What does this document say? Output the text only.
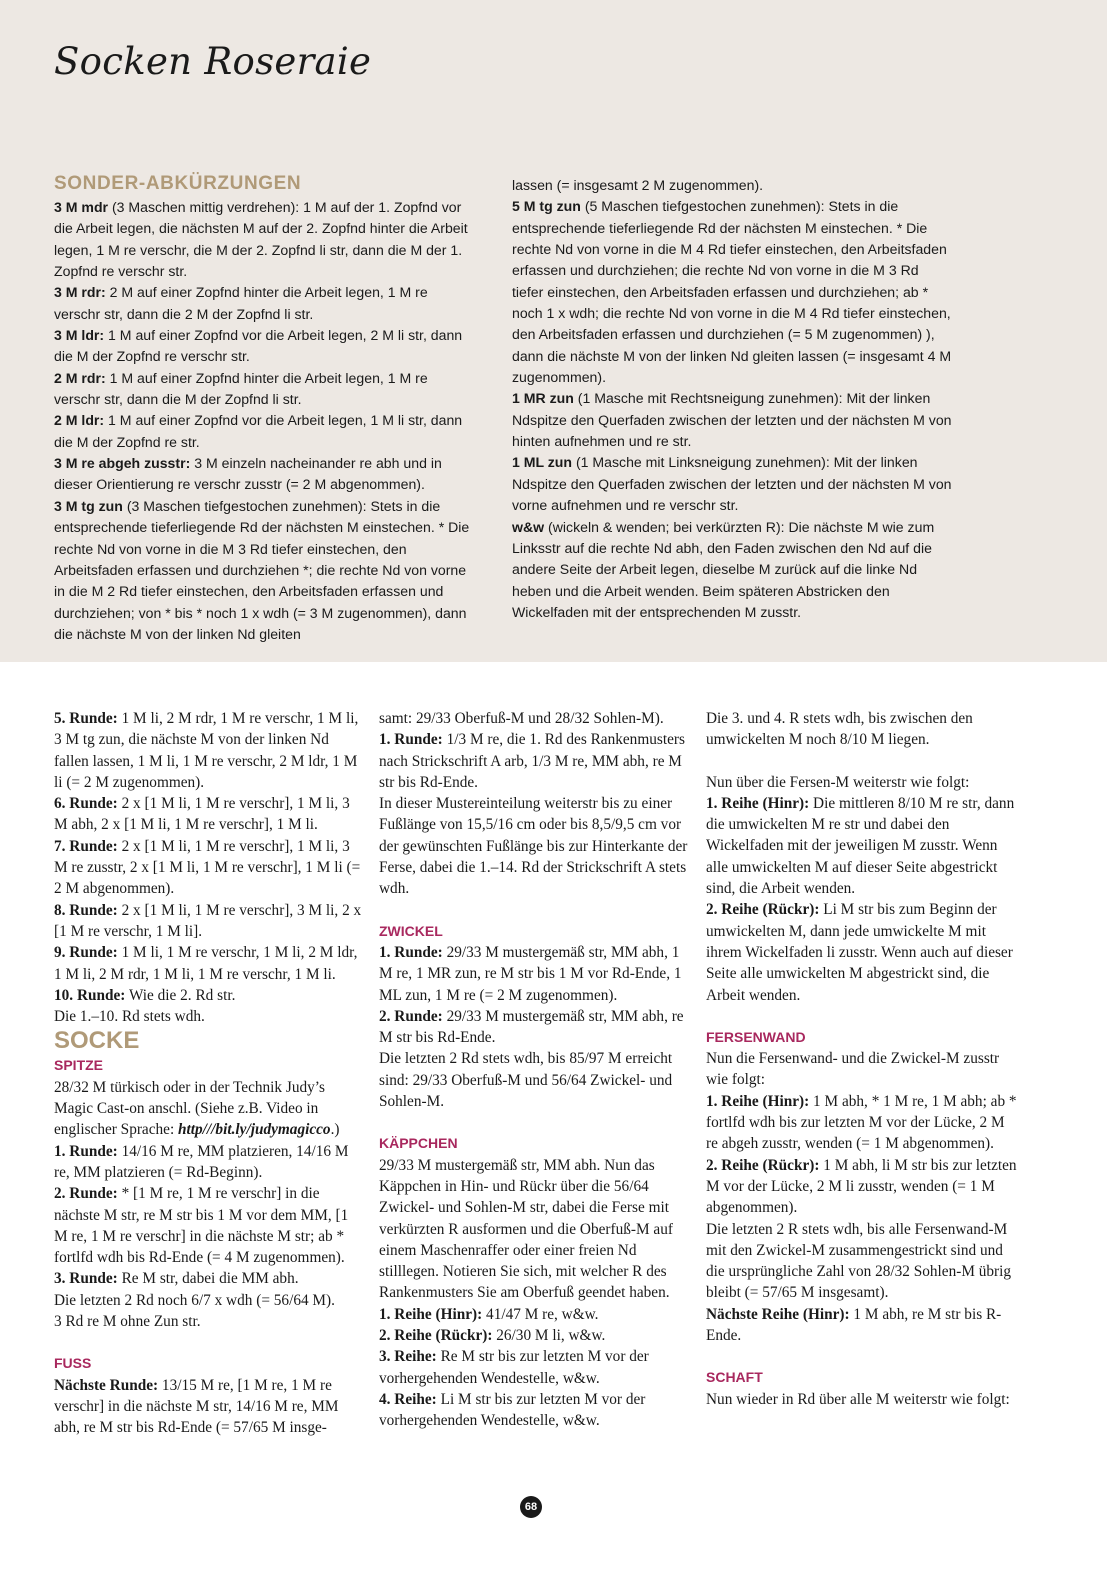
Socken Roseraie
SONDER-ABKÜRZUNGEN

3 M mdr (3 Maschen mittig verdrehen): 1 M auf der 1. Zopfnd vor die Arbeit legen, die nächsten M auf der 2. Zopfnd hinter die Arbeit legen, 1 M re verschr, die M der 2. Zopfnd li str, dann die M der 1. Zopfnd re verschr str.

3 M rdr: 2 M auf einer Zopfnd hinter die Arbeit legen, 1 M re verschr str, dann die 2 M der Zopfnd li str.

3 M ldr: 1 M auf einer Zopfnd vor die Arbeit legen, 2 M li str, dann die M der Zopfnd re verschr str.

2 M rdr: 1 M auf einer Zopfnd hinter die Arbeit legen, 1 M re verschr str, dann die M der Zopfnd li str.

2 M ldr: 1 M auf einer Zopfnd vor die Arbeit legen, 1 M li str, dann die M der Zopfnd re str.

3 M re abgeh zusstr: 3 M einzeln nacheinander re abh und in dieser Orientierung re verschr zusstr (= 2 M abgenommen).

3 M tg zun (3 Maschen tiefgestochen zunehmen): Stets in die entsprechende tieferliegende Rd der nächsten M einstechen. * Die rechte Nd von vorne in die M 3 Rd tiefer einstechen, den Arbeitsfaden erfassen und durchziehen *; die rechte Nd von vorne in die M 2 Rd tiefer einstechen, den Arbeitsfaden erfassen und durchziehen; von * bis * noch 1 x wdh (= 3 M zugenommen), dann die nächste M von der linken Nd gleiten

lassen (= insgesamt 2 M zugenommen).

5 M tg zun (5 Maschen tiefgestochen zunehmen): Stets in die entsprechende tieferliegende Rd der nächsten M einstechen. * Die rechte Nd von vorne in die M 4 Rd tiefer einstechen, den Arbeitsfaden erfassen und durchziehen; die rechte Nd von vorne in die M 3 Rd tiefer einstechen, den Arbeitsfaden erfassen und durchziehen; ab * noch 1 x wdh; die rechte Nd von vorne in die M 4 Rd tiefer einstechen, den Arbeitsfaden erfassen und durchziehen (= 5 M zugenommen) ), dann die nächste M von der linken Nd gleiten lassen (= insgesamt 4 M zugenommen).

1 MR zun (1 Masche mit Rechtsneigung zunehmen): Mit der linken Ndspitze den Querfaden zwischen der letzten und der nächsten M von hinten aufnehmen und re str.

1 ML zun (1 Masche mit Linksneigung zunehmen): Mit der linken Ndspitze den Querfaden zwischen der letzten und der nächsten M von vorne aufnehmen und re verschr str.

w&w (wickeln & wenden; bei verkürzten R): Die nächste M wie zum Linksstr auf die rechte Nd abh, den Faden zwischen den Nd auf die andere Seite der Arbeit legen, dieselbe M zurück auf die linke Nd heben und die Arbeit wenden. Beim späteren Abstricken den Wickelfaden mit der entsprechenden M zusstr.

5. Runde: 1 M li, 2 M rdr, 1 M re verschr, 1 M li, 3 M tg zun, die nächste M von der linken Nd fallen lassen, 1 M li, 1 M re verschr, 2 M ldr, 1 M li (= 2 M zugenommen).

6. Runde: 2 x [1 M li, 1 M re verschr], 1 M li, 3 M abh, 2 x [1 M li, 1 M re verschr], 1 M li.

7. Runde: 2 x [1 M li, 1 M re verschr], 1 M li, 3 M re zusstr, 2 x [1 M li, 1 M re verschr], 1 M li (= 2 M abgenommen).

8. Runde: 2 x [1 M li, 1 M re verschr], 3 M li, 2 x [1 M re verschr, 1 M li].

9. Runde: 1 M li, 1 M re verschr, 1 M li, 2 M ldr, 1 M li, 2 M rdr, 1 M li, 1 M re verschr, 1 M li.

10. Runde: Wie die 2. Rd str.

Die 1.–10. Rd stets wdh.

SOCKE
SPITZE

28/32 M türkisch oder in der Technik Judy’s Magic Cast-on anschl. (Siehe z.B. Video in englischer Sprache: http///bit.ly/judymagicco.)

1. Runde: 14/16 M re, MM platzieren, 14/16 M re, MM platzieren (= Rd-Beginn).

2. Runde: * [1 M re, 1 M re verschr] in die nächste M str, re M str bis 1 M vor dem MM, [1 M re, 1 M re verschr] in die nächste M str; ab * fortlfd wdh bis Rd-Ende (= 4 M zugenommen).

3. Runde: Re M str, dabei die MM abh.

Die letzten 2 Rd noch 6/7 x wdh (= 56/64 M).

3 Rd re M ohne Zun str.

FUSS

Nächste Runde: 13/15 M re, [1 M re, 1 M re verschr] in die nächste M str, 14/16 M re, MM abh, re M str bis Rd-Ende (= 57/65 M insge-

samt: 29/33 Oberfuß-M und 28/32 Sohlen-M).

1. Runde: 1/3 M re, die 1. Rd des Rankenmusters nach Strickschrift A arb, 1/3 M re, MM abh, re M str bis Rd-Ende.

In dieser Mustereinteilung weiterstr bis zu einer Fußlänge von 15,5/16 cm oder bis 8,5/9,5 cm vor der gewünschten Fußlänge bis zur Hinterkante der Ferse, dabei die 1.–14. Rd der Strickschrift A stets wdh.

ZWICKEL

1. Runde: 29/33 M mustergemäß str, MM abh, 1 M re, 1 MR zun, re M str bis 1 M vor Rd-Ende, 1 ML zun, 1 M re (= 2 M zugenommen).

2. Runde: 29/33 M mustergemäß str, MM abh, re M str bis Rd-Ende.

Die letzten 2 Rd stets wdh, bis 85/97 M erreicht sind: 29/33 Oberfuß-M und 56/64 Zwickel- und Sohlen-M.

KÄPPCHEN

29/33 M mustergemäß str, MM abh. Nun das Käppchen in Hin- und Rückr über die 56/64 Zwickel- und Sohlen-M str, dabei die Ferse mit verkürzten R ausformen und die Oberfuß-M auf einem Maschenraffer oder einer freien Nd stilllegen. Notieren Sie sich, mit welcher R des Rankenmusters Sie am Oberfuß geendet haben.

1. Reihe (Hinr): 41/47 M re, w&w.

2. Reihe (Rückr): 26/30 M li, w&w.

3. Reihe: Re M str bis zur letzten M vor der vorhergehenden Wendestelle, w&w.

4. Reihe: Li M str bis zur letzten M vor der vorhergehenden Wendestelle, w&w.

Die 3. und 4. R stets wdh, bis zwischen den umwickelten M noch 8/10 M liegen.

Nun über die Fersen-M weiterstr wie folgt:

1. Reihe (Hinr): Die mittleren 8/10 M re str, dann die umwickelten M re str und dabei den Wickelfaden mit der jeweiligen M zusstr. Wenn alle umwickelten M auf dieser Seite abgestrickt sind, die Arbeit wenden.

2. Reihe (Rückr): Li M str bis zum Beginn der umwickelten M, dann jede umwickelte M mit ihrem Wickelfaden li zusstr. Wenn auch auf dieser Seite alle umwickelten M abgestrickt sind, die Arbeit wenden.

FERSENWAND

Nun die Fersenwand- und die Zwickel-M zusstr wie folgt:

1. Reihe (Hinr): 1 M abh, * 1 M re, 1 M abh; ab * fortlfd wdh bis zur letzten M vor der Lücke, 2 M re abgeh zusstr, wenden (= 1 M abgenommen).

2. Reihe (Rückr): 1 M abh, li M str bis zur letzten M vor der Lücke, 2 M li zusstr, wenden (= 1 M abgenommen).

Die letzten 2 R stets wdh, bis alle Fersenwand-M mit den Zwickel-M zusammengestrickt sind und die ursprüngliche Zahl von 28/32 Sohlen-M übrig bleibt (= 57/65 M insgesamt).

Nächste Reihe (Hinr): 1 M abh, re M str bis R-Ende.

SCHAFT

Nun wieder in Rd über alle M weiterstr wie folgt:

68
